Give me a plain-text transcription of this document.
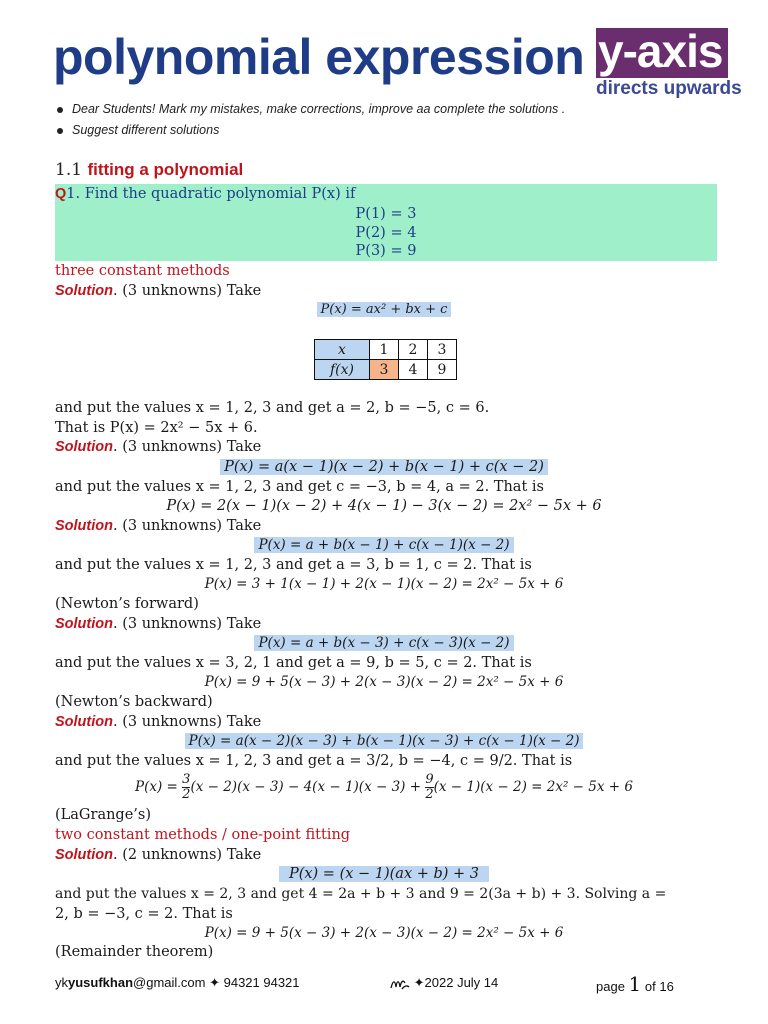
polynomial expression y-axis
directs upwards
Dear Students! Mark my mistakes, make corrections, improve aa complete the solutions .
Suggest different solutions
1.1 fitting a polynomial
Q1. Find the quadratic polynomial P(x) if
P(1) = 3
P(2) = 4
P(3) = 9
three constant methods
Solution. (3 unknowns) Take
P(x) = ax² + bx + c
x	1	2	3
f(x)	3	4	9
and put the values x = 1, 2, 3 and get a = 2, b = −5, c = 6.
That is P(x) = 2x² − 5x + 6.
Solution. (3 unknowns) Take
P(x) = a(x − 1)(x − 2) + b(x − 1) + c(x − 2)
and put the values x = 1, 2, 3 and get c = −3, b = 4, a = 2. That is
P(x) = 2(x − 1)(x − 2) + 4(x − 1) − 3(x − 2) = 2x² − 5x + 6
Solution. (3 unknowns) Take
P(x) = a + b(x − 1) + c(x − 1)(x − 2)
and put the values x = 1, 2, 3 and get a = 3, b = 1, c = 2. That is
P(x) = 3 + 1(x − 1) + 2(x − 1)(x − 2) = 2x² − 5x + 6
(Newton’s forward)
Solution. (3 unknowns) Take
P(x) = a + b(x − 3) + c(x − 3)(x − 2)
and put the values x = 3, 2, 1 and get a = 9, b = 5, c = 2. That is
P(x) = 9 + 5(x − 3) + 2(x − 3)(x − 2) = 2x² − 5x + 6
(Newton’s backward)
Solution. (3 unknowns) Take
P(x) = a(x − 2)(x − 3) + b(x − 1)(x − 3) + c(x − 1)(x − 2)
and put the values x = 1, 2, 3 and get a = 3/2, b = −4, c = 9/2. That is
$P(x) = \frac{3}{2} (x - 2)(x - 3) - 4(x - 1)(x - 3) + \frac{9}{2} (x - 1)(x - 2) = 2x^2 - 5x + 6$
(LaGrange’s)
two constant methods / one-point fitting
Solution. (2 unknowns) Take
P(x) = (x − 1)(ax + b) + 3
and put the values x = 2, 3 and get 4 = 2a + b + 3 and 9 = 2(3a + b) + 3. Solving a =
2, b = −3, c = 2. That is
P(x) = 9 + 5(x − 3) + 2(x − 3)(x − 2) = 2x² − 5x + 6
(Remainder theorem)
ykyusufkhan@gmail.com ✦ 94321 94321	✦2022 July 14	page 1 of 16
